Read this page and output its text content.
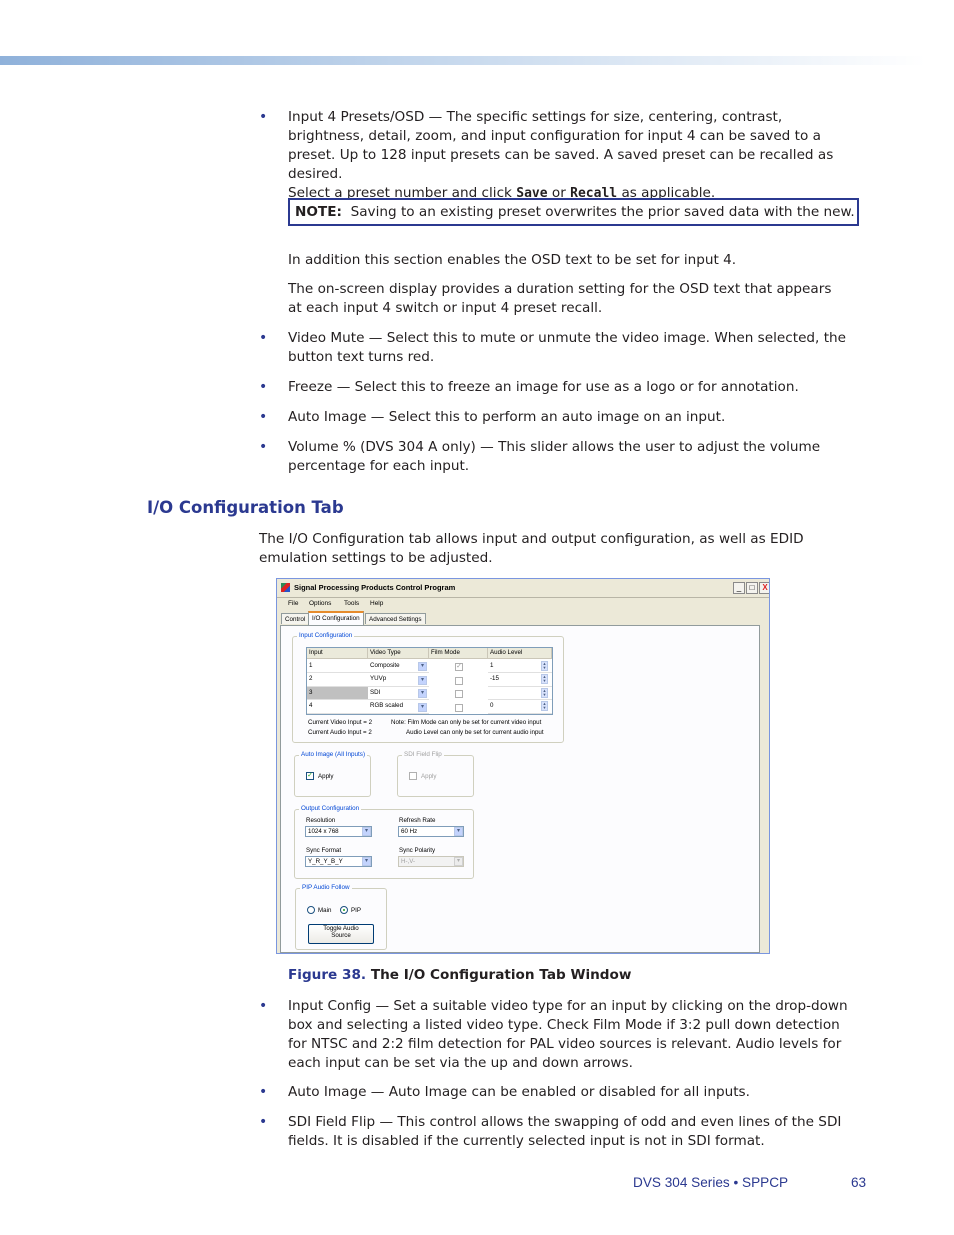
• Input 4 Presets/OSD — The specific settings for size, centering, contrast, brightness, detail, zoom, and input configuration for input 4 can be saved to a preset. Up to 128 input presets can be saved. A saved preset can be recalled as desired.
Select a preset number and click Save or Recall as applicable.
NOTE: Saving to an existing preset overwrites the prior saved data with the new.
In addition this section enables the OSD text to be set for input 4.
The on-screen display provides a duration setting for the OSD text that appears at each input 4 switch or input 4 preset recall.
• Video Mute — Select this to mute or unmute the video image. When selected, the button text turns red.
• Freeze — Select this to freeze an image for use as a logo or for annotation.
• Auto Image — Select this to perform an auto image on an input.
• Volume % (DVS 304 A only) — This slider allows the user to adjust the volume percentage for each input.
I/O Configuration Tab
The I/O Configuration tab allows input and output configuration, as well as EDID emulation settings to be adjusted.
Signal Processing Products Control Program	_	□ X
File Options Tools Help
Control	I/O Configuration	Advanced Settings
Input Configuration
Input	Video Type	Film Mode	Audio Level
1	Composite	▾	✓	1	▲
▼
2	YUVp	▾	-15	▲
▼
3	SDI	▾	▲
▼
4	RGB scaled	▾	0	▲
▼
Current Video Input = 2
Current Audio Input = 2
Note: Film Mode can only be set for current video input
Audio Level can only be set for current audio input
Auto Image (All Inputs)
✓ Apply
SDI Field Flip
Apply
Output Configuration
Resolution
1024 x 768	▾
Refresh Rate
60 Hz	▾
Sync Format
Y_R_Y_B_Y	▾
Sync Polarity
H-,V-	▾
PIP Audio Follow
Main	PIP
Toggle Audio
Source
Figure 38. The I/O Configuration Tab Window
• Input Config — Set a suitable video type for an input by clicking on the drop-down box and selecting a listed video type. Check Film Mode if 3:2 pull down detection for NTSC and 2:2 film detection for PAL video sources is relevant. Audio levels for each input can be set via the up and down arrows.
• Auto Image — Auto Image can be enabled or disabled for all inputs.
• SDI Field Flip — This control allows the swapping of odd and even lines of the SDI fields. It is disabled if the currently selected input is not in SDI format.
DVS 304 Series • SPPCP	63
